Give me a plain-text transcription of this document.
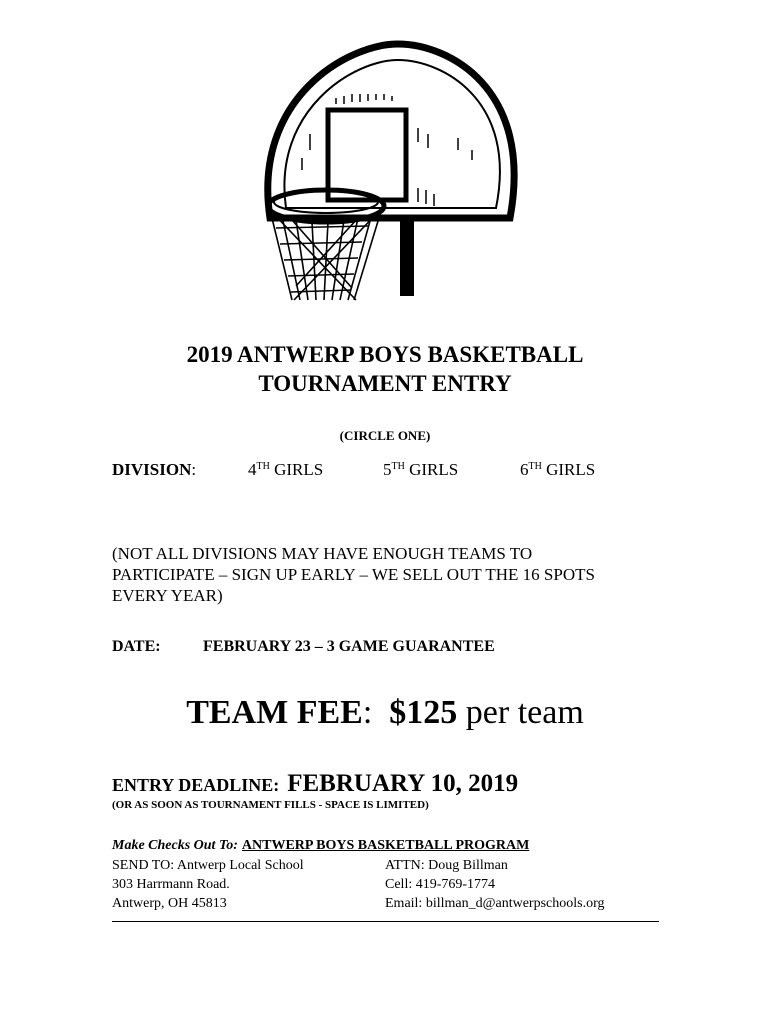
2019 ANTWERP BOYS BASKETBALL
TOURNAMENT ENTRY
(CIRCLE ONE)
DIVISION:	4TH GIRLS	5TH GIRLS	6TH GIRLS
(NOT ALL DIVISIONS MAY HAVE ENOUGH TEAMS TO
PARTICIPATE – SIGN UP EARLY – WE SELL OUT THE 16 SPOTS
EVERY YEAR)
DATE:	FEBRUARY 23 – 3 GAME GUARANTEE
TEAM FEE: $125 per team
ENTRY DEADLINE: FEBRUARY 10, 2019
(OR AS SOON AS TOURNAMENT FILLS - SPACE IS LIMITED)
Make Checks Out To: ANTWERP BOYS BASKETBALL PROGRAM
SEND TO: Antwerp Local School
303 Harrmann Road.
Antwerp, OH 45813
ATTN: Doug Billman
Cell: 419-769-1774
Email: billman_d@antwerpschools.org
